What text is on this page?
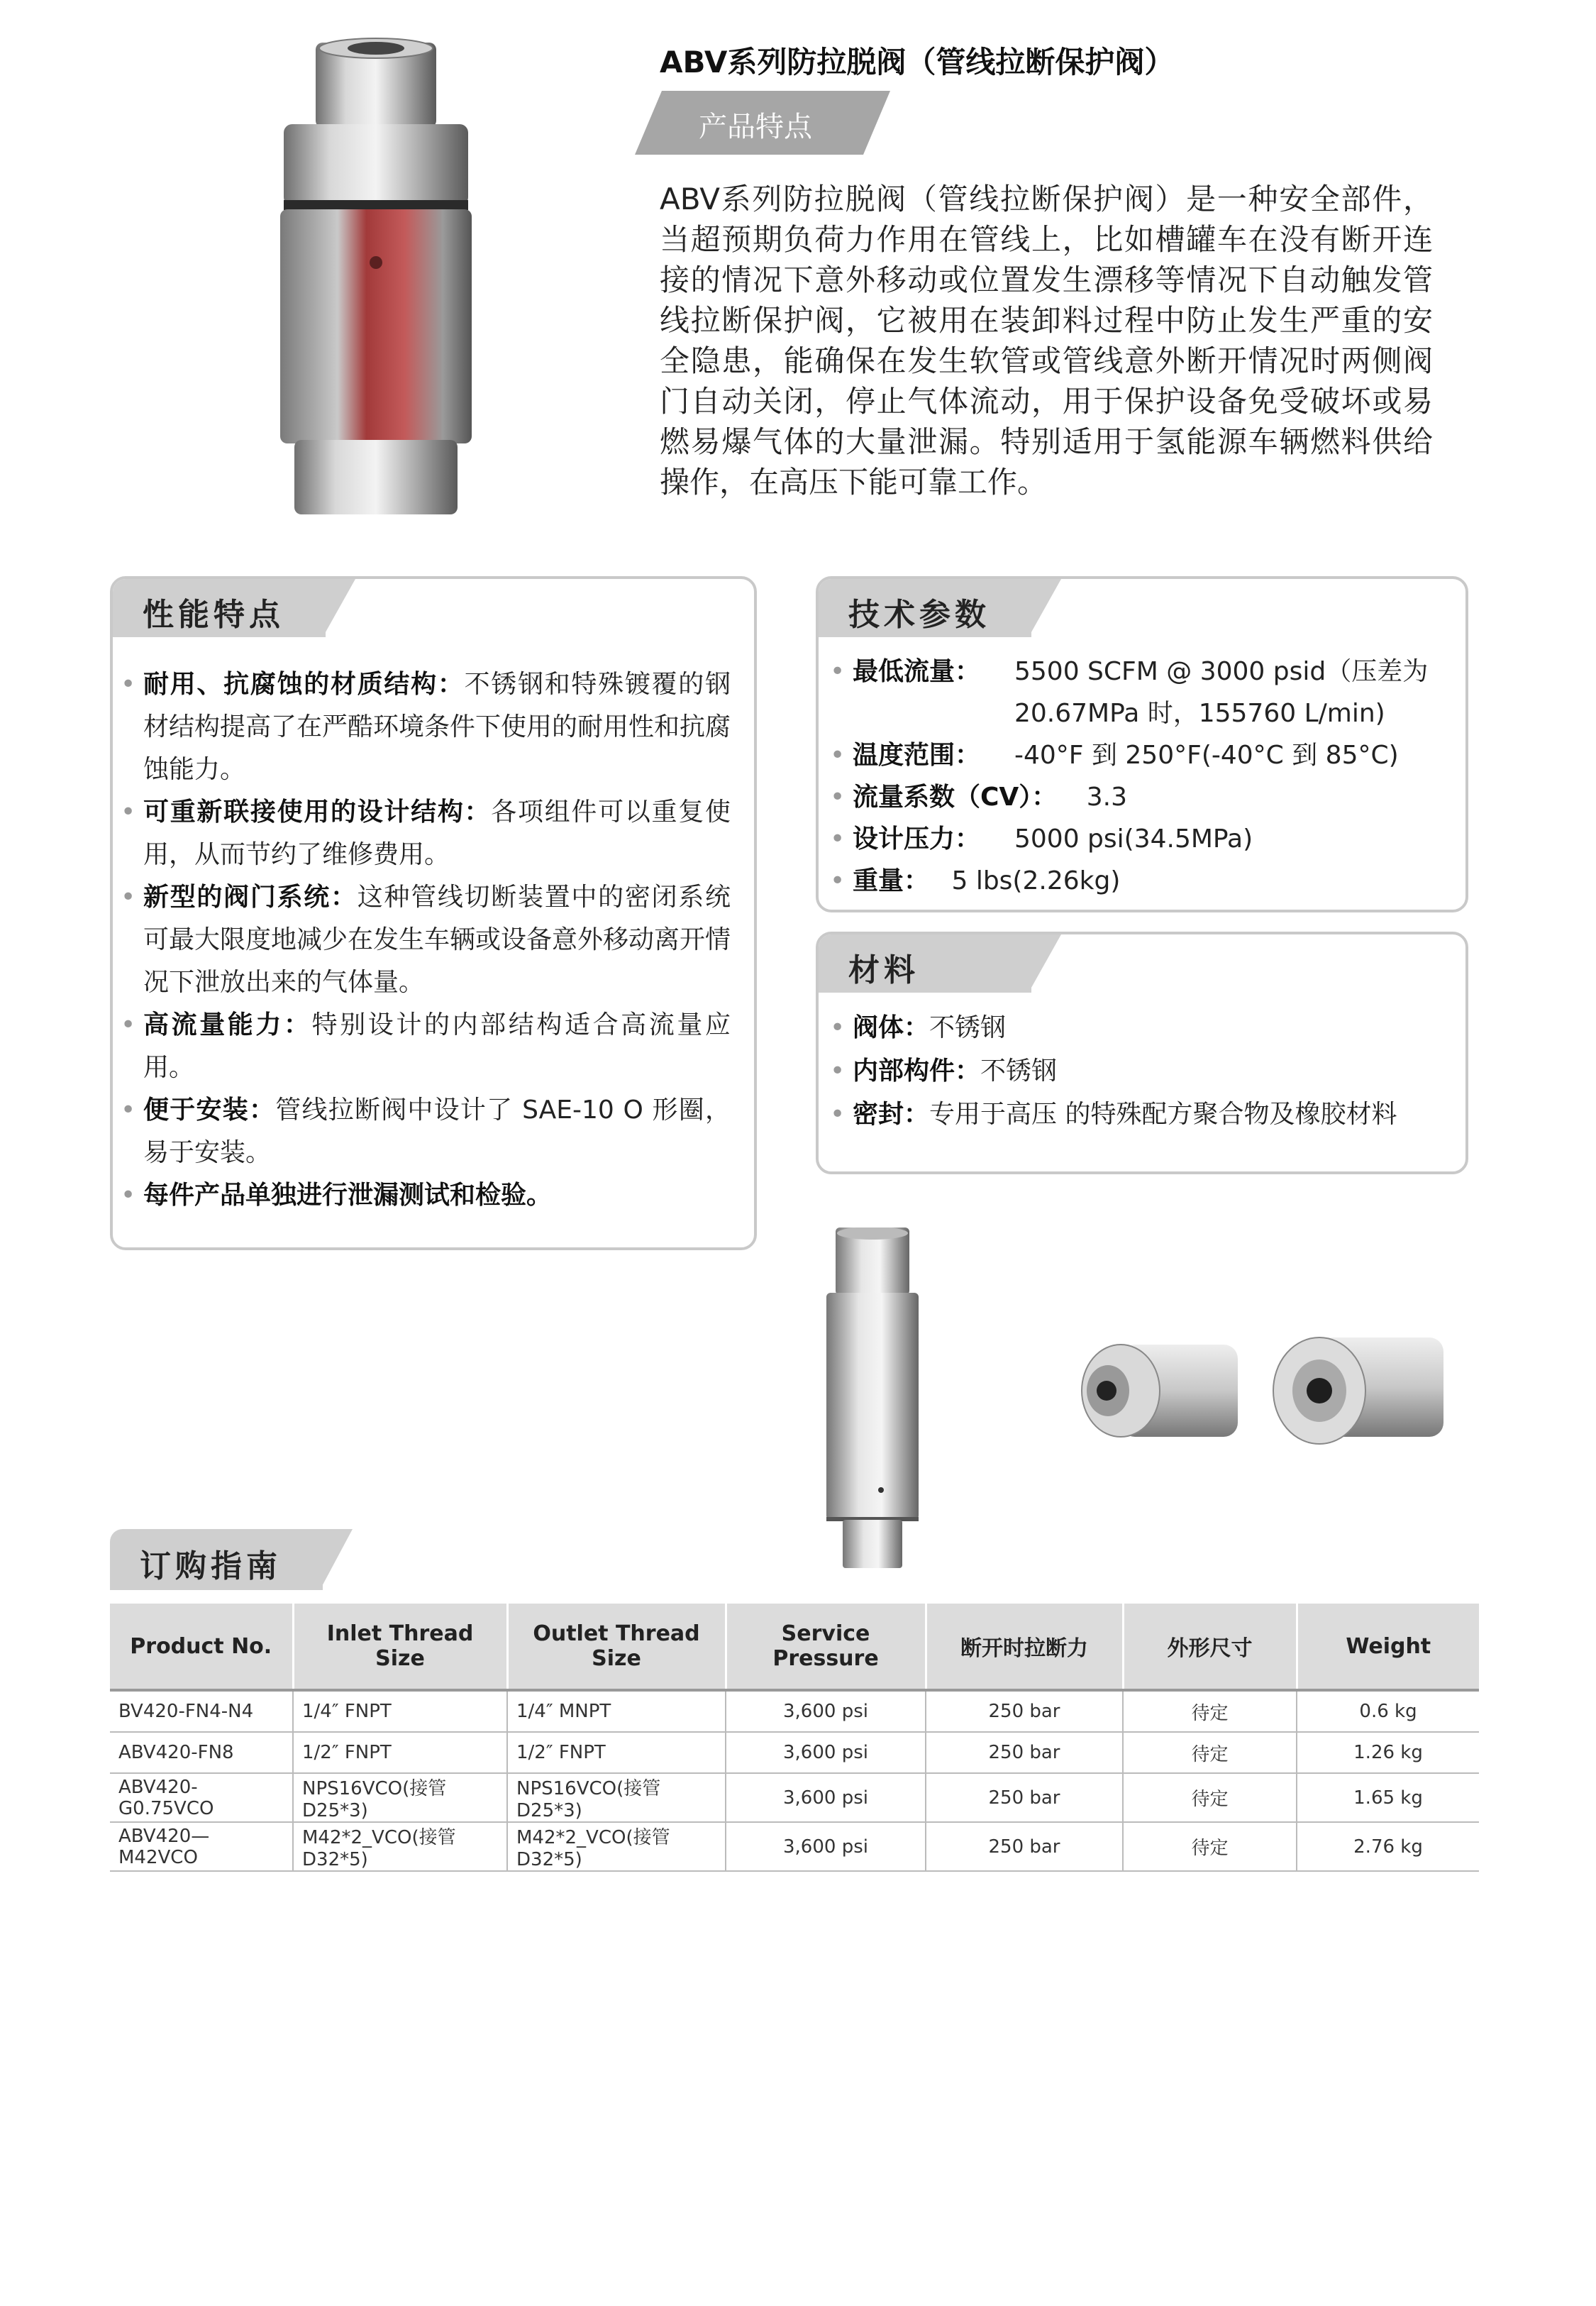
ABV系列防拉脱阀（管线拉断保护阀）
产品特点
ABV系列防拉脱阀（管线拉断保护阀）是一种安全部件，当超预期负荷力作用在管线上，比如槽罐车在没有断开连接的情况下意外移动或位置发生漂移等情况下自动触发管线拉断保护阀，它被用在装卸料过程中防止发生严重的安全隐患，能确保在发生软管或管线意外断开情况时两侧阀门自动关闭，停止气体流动，用于保护设备免受破坏或易燃易爆气体的大量泄漏。特别适用于氢能源车辆燃料供给操作，在高压下能可靠工作。
性能特点
• 耐用、抗腐蚀的材质结构：不锈钢和特殊镀覆的钢材结构提高了在严酷环境条件下使用的耐用性和抗腐蚀能力。
• 可重新联接使用的设计结构：各项组件可以重复使用，从而节约了维修费用。
• 新型的阀门系统：这种管线切断装置中的密闭系统可最大限度地减少在发生车辆或设备意外移动离开情况下泄放出来的气体量。
• 高流量能力：特别设计的内部结构适合高流量应用。
• 便于安装：管线拉断阀中设计了 SAE-10 O 形圈，易于安装。
• 每件产品单独进行泄漏测试和检验。
技术参数
• 最低流量：	5500 SCFM @ 3000 psid（压差为 20.67MPa 时，155760 L/min)
• 温度范围：	-40°F 到 250°F(-40°C 到 85°C)
• 流量系数（CV）： 3.3
• 设计压力：	5000 psi(34.5MPa)
• 重量： 5 lbs(2.26kg)
材料
• 阀体：不锈钢
• 内部构件：不锈钢
• 密封：专用于高压 的特殊配方聚合物及橡胶材料
订购指南
Product No.	Inlet Thread Size	Outlet Thread Size	Service Pressure	断开时拉断力	外形尺寸	Weight
BV420-FN4-N4	1/4″ FNPT	1/4″ MNPT	3,600 psi	250 bar	待定	0.6 kg
ABV420-FN8	1/2″ FNPT	1/2″ FNPT	3,600 psi	250 bar	待定	1.26 kg
ABV420-G0.75VCO	NPS16VCO(接管D25*3)	NPS16VCO(接管D25*3)	3,600 psi	250 bar	待定	1.65 kg
ABV420—M42VCO	M42*2_VCO(接管D32*5)	M42*2_VCO(接管D32*5)	3,600 psi	250 bar	待定	2.76 kg
